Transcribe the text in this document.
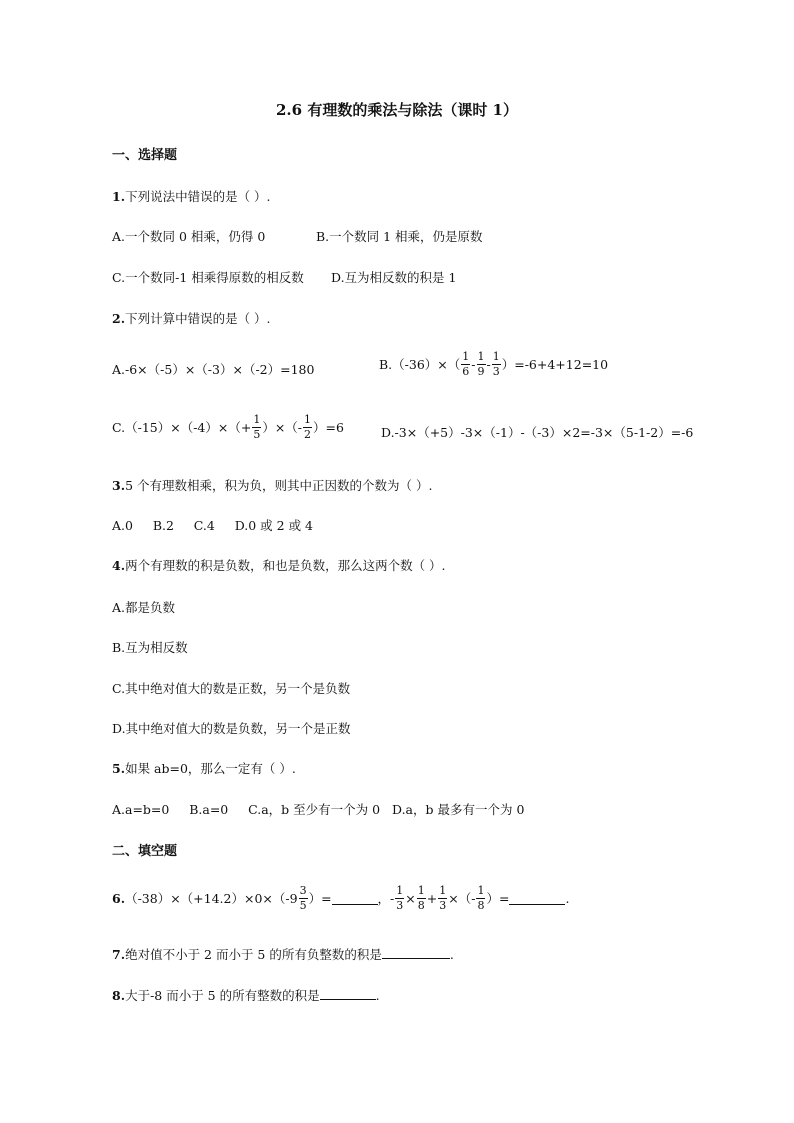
2.6 有理数的乘法与除法（课时 1）
一、选择题
1.下列说法中错误的是（ ）.
A.一个数同 0 相乘，仍得 0	B.一个数同 1 相乘，仍是原数
C.一个数同-1 相乘得原数的相反数 D.互为相反数的积是 1
2.下列计算中错误的是（ ）.
A.-6×（-5）×（-3）×（-2）=180	$B.(-36)\times( \frac{1}{6} - \frac{1}{9} - \frac{1}{3} )=-6+4+12=10$
$C.(-15)\times(-4)\times(+ \frac{1}{5}$ ）×（- $\frac{1}{2} )=6$	D.-3×（+5）-3×（-1）-（-3）×2=-3×（5-1-2）=-6
3.5 个有理数相乘，积为负，则其中正因数的个数为（ ）.
A.0     B.2     C.4     D.0 或 2 或 4
4.两个有理数的积是负数，和也是负数，那么这两个数（ ）.
A.都是负数
B.互为相反数
C.其中绝对值大的数是正数，另一个是负数
D.其中绝对值大的数是负数，另一个是正数
5.如果 ab=0，那么一定有（ ）.
A.a=b=0     B.a=0     C.a，b 至少有一个为 0   D.a，b 最多有一个为 0
二、填空题
6. $(-38)\times(+14.2)\times 0\times(-9 \frac{3}{5}$ ）=	，- $\frac{1}{3} \times \frac{1}{8} + \frac{1}{3}$ ×（- $\frac{1}{8}$ ）=	.
7.绝对值不小于 2 而小于 5 的所有负整数的积是	.
8.大于-8 而小于 5 的所有整数的积是	.
